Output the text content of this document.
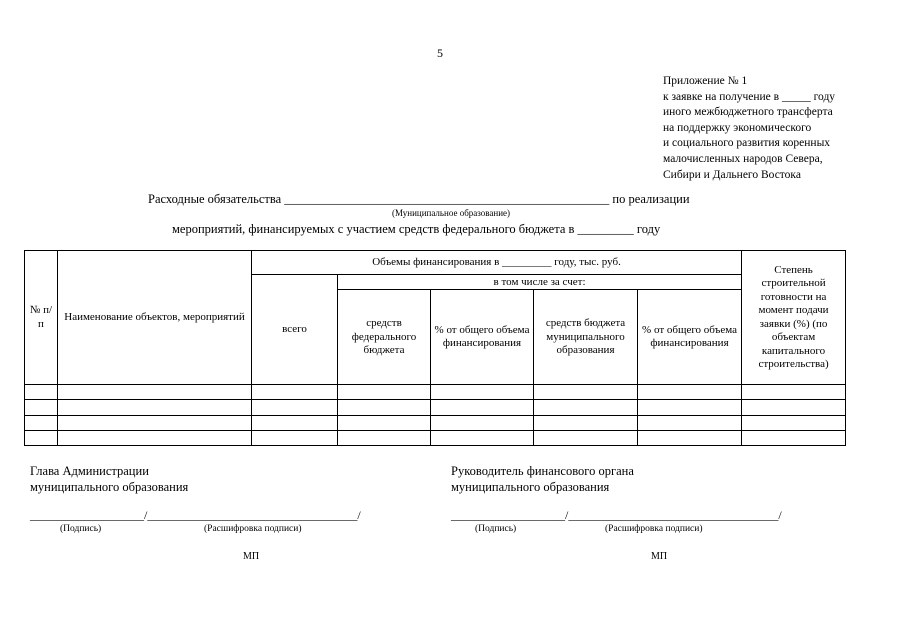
5
Приложение № 1
к заявке на получение в _____ году
иного межбюджетного трансферта
на поддержку экономического
и социального развития коренных
малочисленных народов Севера,
Сибири и Дальнего Востока
Расходные обязательства ____________________________________________________ по реализации
(Муниципальное образование)
мероприятий, финансируемых с участием средств федерального бюджета в _________ году
№ п/п	Наименование объектов, мероприятий	Объемы финансирования в _________ году, тыс. руб.					Степень строительной готовности на момент подачи заявки (%) (по объектам капитального строительства)
		всего	в том числе за счет:				
			средств федерального бюджета	% от общего объема финансирования	средств бюджета муниципального образования	% от общего объема финансирования	

Глава Администрации
муниципального образования
___________________/___________________________________/
(Подпись)	(Расшифровка подписи)
МП
Руководитель финансового органа
муниципального образования
___________________/___________________________________/
(Подпись)	(Расшифровка подписи)
МП
